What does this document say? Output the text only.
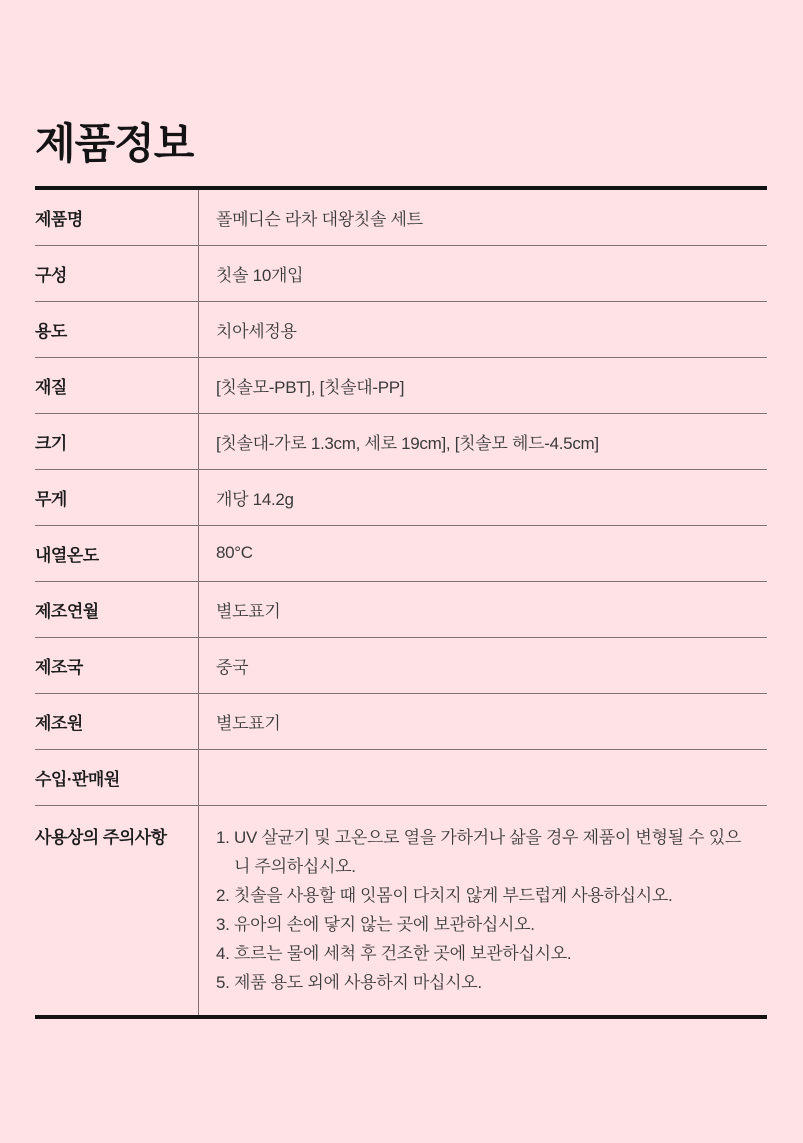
제품정보
제품명	폴메디슨 라차 대왕칫솔 세트
구성	칫솔 10개입
용도	치아세정용
재질	[칫솔모-PBT], [칫솔대-PP]
크기	[칫솔대-가로 1.3cm, 세로 19cm], [칫솔모 헤드-4.5cm]
무게	개당 14.2g
내열온도	80°C
제조연월	별도표기
제조국	중국
제조원	별도표기
수입·판매원
사용상의 주의사항	1. UV 살균기 및 고온으로 열을 가하거나 삶을 경우 제품이 변형될 수 있으니 주의하십시오.
2. 칫솔을 사용할 때 잇몸이 다치지 않게 부드럽게 사용하십시오.
3. 유아의 손에 닿지 않는 곳에 보관하십시오.
4. 흐르는 물에 세척 후 건조한 곳에 보관하십시오.
5. 제품 용도 외에 사용하지 마십시오.
